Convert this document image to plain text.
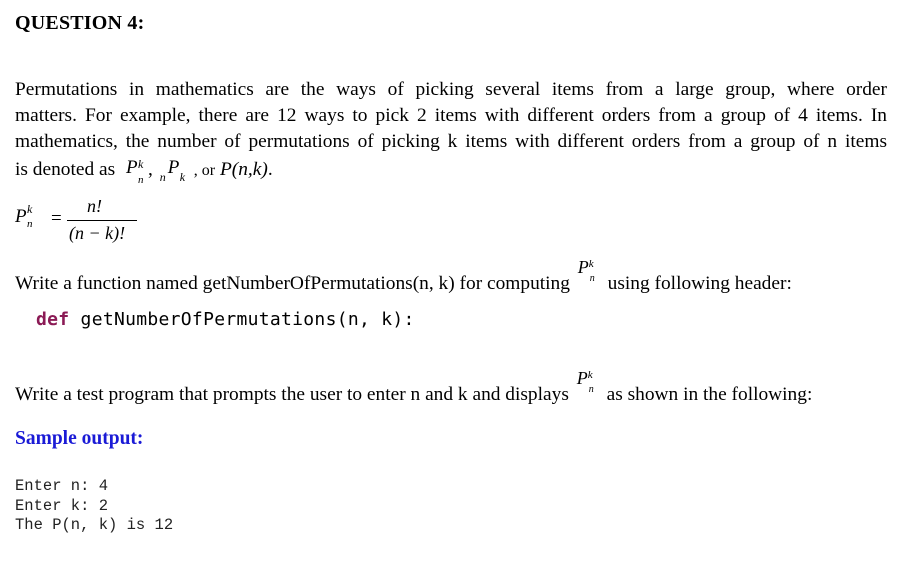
QUESTION 4:
Permutations in mathematics are the ways of picking several items from a large group, where order
matters. For example, there are 12 ways to pick 2 items with different orders from a group of 4 items. In
mathematics, the number of permutations of picking k items with different orders from a group of n items
is denoted as P k
n , n P k , or P(n,k).
P k
n =
n!
(n − k)!
Write a function named getNumberOfPermutations(n, k) for computing
P k
n using following header:
def getNumberOfPermutations(n, k):
Write a test program that prompts the user to enter n and k and displays
P k
n as shown in the following:
Sample output:
Enter n: 4
Enter k: 2
The P(n, k) is 12
